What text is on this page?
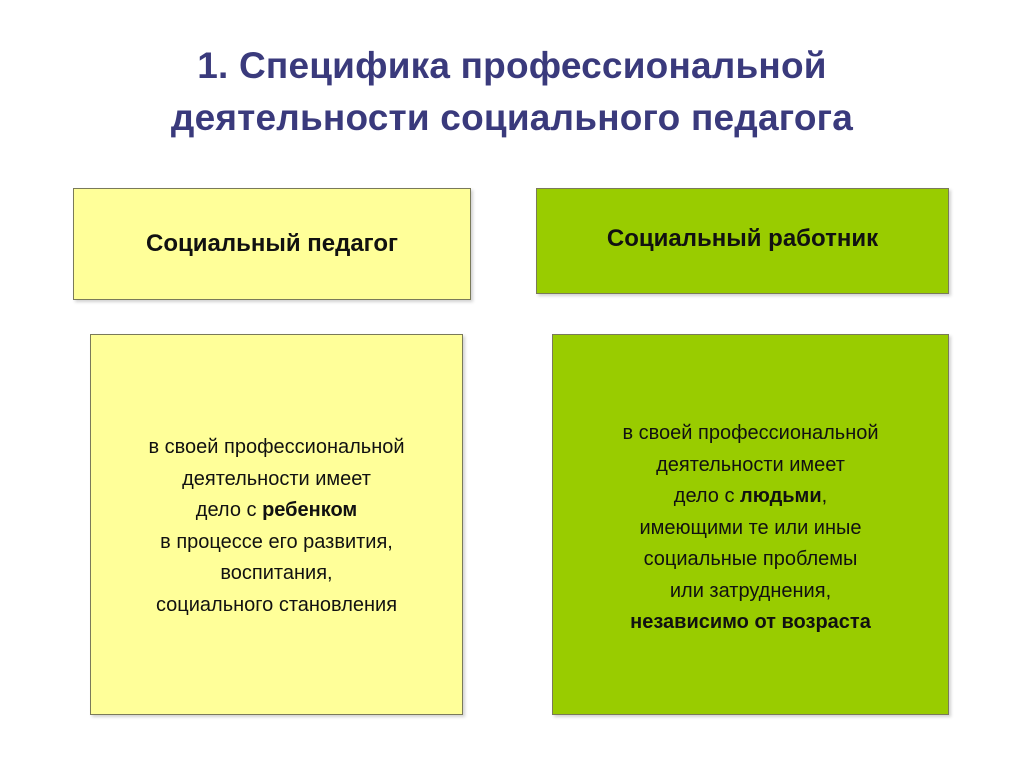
1. Специфика профессиональной
деятельности социального педагога
Социальный педагог	Социальный работник
в своей профессиональной
деятельности имеет
дело с ребенком
в процессе его развития,
воспитания,
социального становления
в своей профессиональной
деятельности имеет
дело с людьми,
имеющими те или иные
социальные проблемы
или затруднения,
независимо от возраста
